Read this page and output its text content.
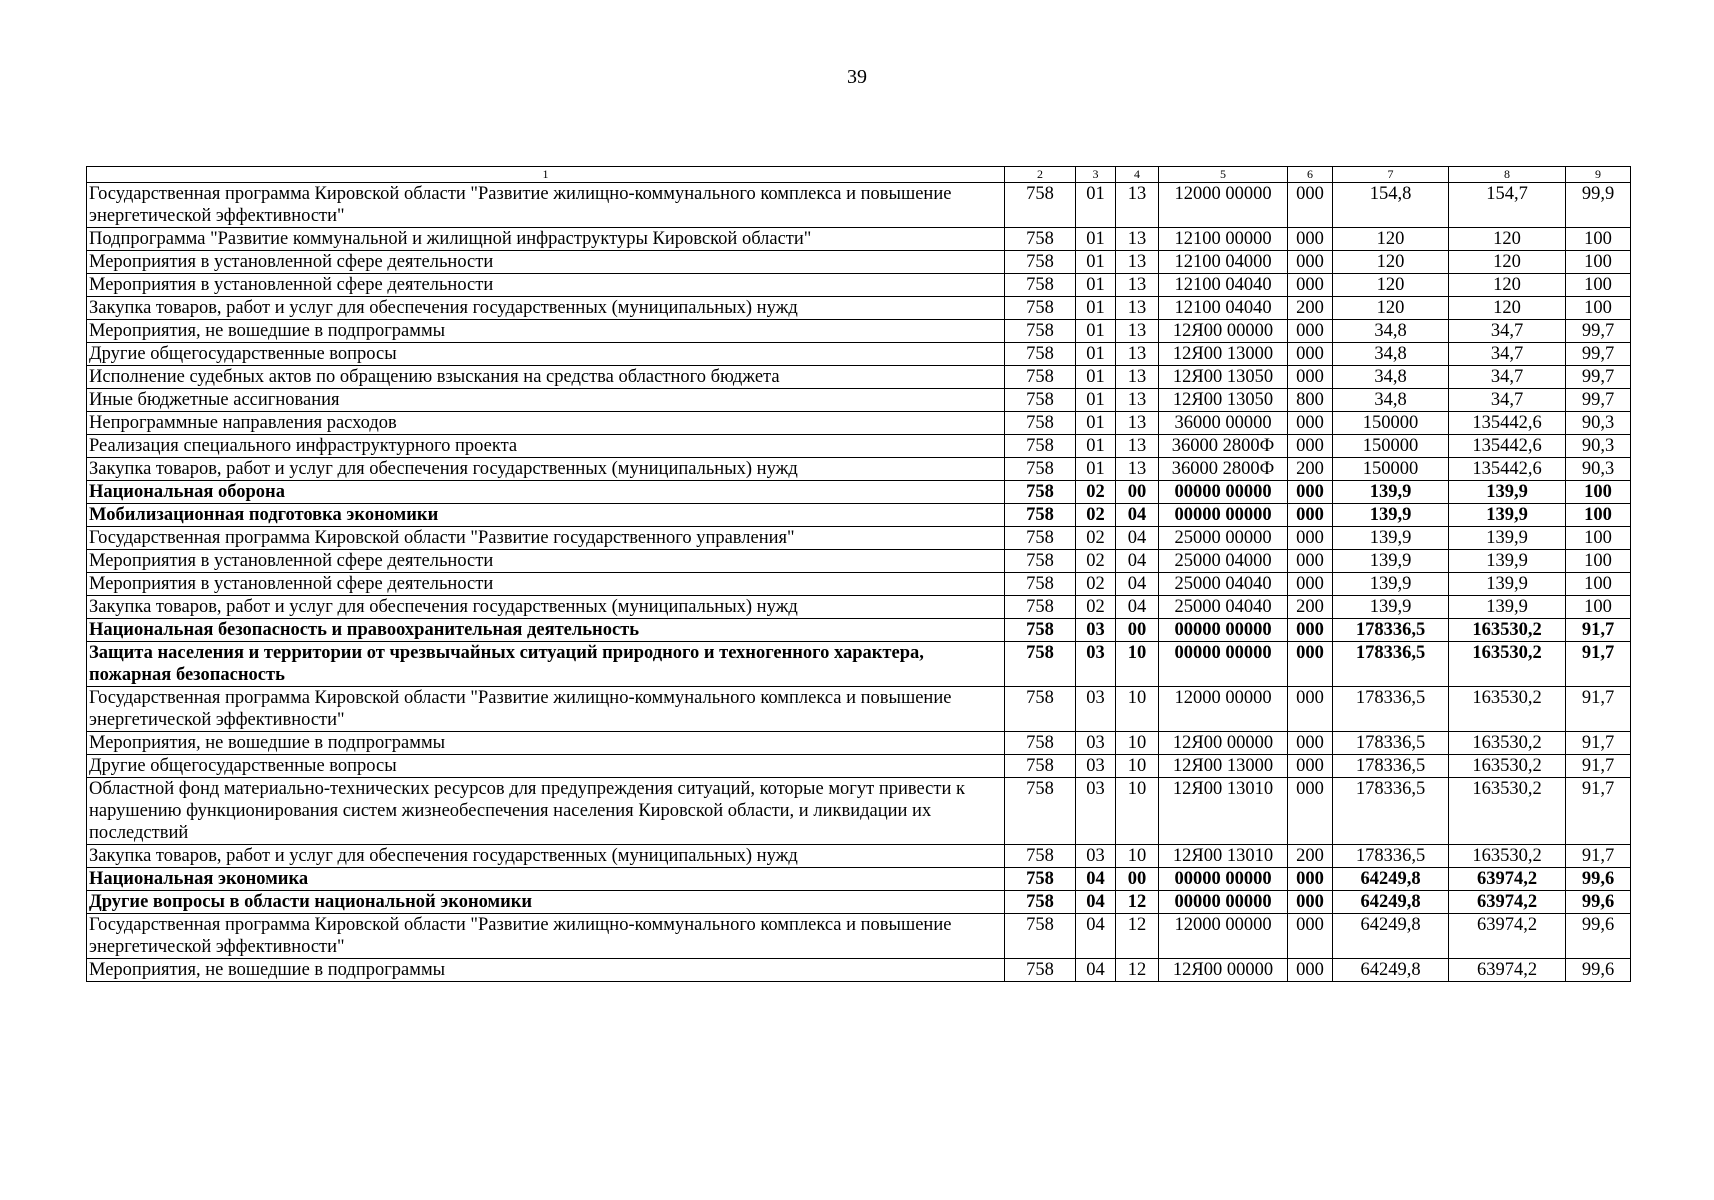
39
1	2	3	4	5	6	7	8	9
Государственная программа Кировской области "Развитие жилищно-коммунального комплекса и повышение энергетической эффективности"	758	01	13	12000 00000	000	154,8	154,7	99,9
Подпрограмма "Развитие коммунальной и жилищной инфраструктуры Кировской области"	758	01	13	12100 00000	000	120	120	100
Мероприятия в установленной сфере деятельности	758	01	13	12100 04000	000	120	120	100
Мероприятия в установленной сфере деятельности	758	01	13	12100 04040	000	120	120	100
Закупка товаров, работ и услуг для обеспечения государственных (муниципальных) нужд	758	01	13	12100 04040	200	120	120	100
Мероприятия, не вошедшие в подпрограммы	758	01	13	12Я00 00000	000	34,8	34,7	99,7
Другие общегосударственные вопросы	758	01	13	12Я00 13000	000	34,8	34,7	99,7
Исполнение судебных актов по обращению взыскания на средства областного бюджета	758	01	13	12Я00 13050	000	34,8	34,7	99,7
Иные бюджетные ассигнования	758	01	13	12Я00 13050	800	34,8	34,7	99,7
Непрограммные направления расходов	758	01	13	36000 00000	000	150000	135442,6	90,3
Реализация специального инфраструктурного проекта	758	01	13	36000 2800Ф	000	150000	135442,6	90,3
Закупка товаров, работ и услуг для обеспечения государственных (муниципальных) нужд	758	01	13	36000 2800Ф	200	150000	135442,6	90,3
Национальная оборона	758	02	00	00000 00000	000	139,9	139,9	100
Мобилизационная подготовка экономики	758	02	04	00000 00000	000	139,9	139,9	100
Государственная программа Кировской области "Развитие государственного управления"	758	02	04	25000 00000	000	139,9	139,9	100
Мероприятия в установленной сфере деятельности	758	02	04	25000 04000	000	139,9	139,9	100
Мероприятия в установленной сфере деятельности	758	02	04	25000 04040	000	139,9	139,9	100
Закупка товаров, работ и услуг для обеспечения государственных (муниципальных) нужд	758	02	04	25000 04040	200	139,9	139,9	100
Национальная безопасность и правоохранительная деятельность	758	03	00	00000 00000	000	178336,5	163530,2	91,7
Защита населения и территории от чрезвычайных ситуаций природного и техногенного характера, пожарная безопасность	758	03	10	00000 00000	000	178336,5	163530,2	91,7
Государственная программа Кировской области "Развитие жилищно-коммунального комплекса и повышение энергетической эффективности"	758	03	10	12000 00000	000	178336,5	163530,2	91,7
Мероприятия, не вошедшие в подпрограммы	758	03	10	12Я00 00000	000	178336,5	163530,2	91,7
Другие общегосударственные вопросы	758	03	10	12Я00 13000	000	178336,5	163530,2	91,7
Областной фонд материально-технических ресурсов для предупреждения ситуаций, которые могут привести к нарушению функционирования систем жизнеобеспечения населения Кировской области, и ликвидации их последствий	758	03	10	12Я00 13010	000	178336,5	163530,2	91,7
Закупка товаров, работ и услуг для обеспечения государственных (муниципальных) нужд	758	03	10	12Я00 13010	200	178336,5	163530,2	91,7
Национальная экономика	758	04	00	00000 00000	000	64249,8	63974,2	99,6
Другие вопросы в области национальной экономики	758	04	12	00000 00000	000	64249,8	63974,2	99,6
Государственная программа Кировской области "Развитие жилищно-коммунального комплекса и повышение энергетической эффективности"	758	04	12	12000 00000	000	64249,8	63974,2	99,6
Мероприятия, не вошедшие в подпрограммы	758	04	12	12Я00 00000	000	64249,8	63974,2	99,6
